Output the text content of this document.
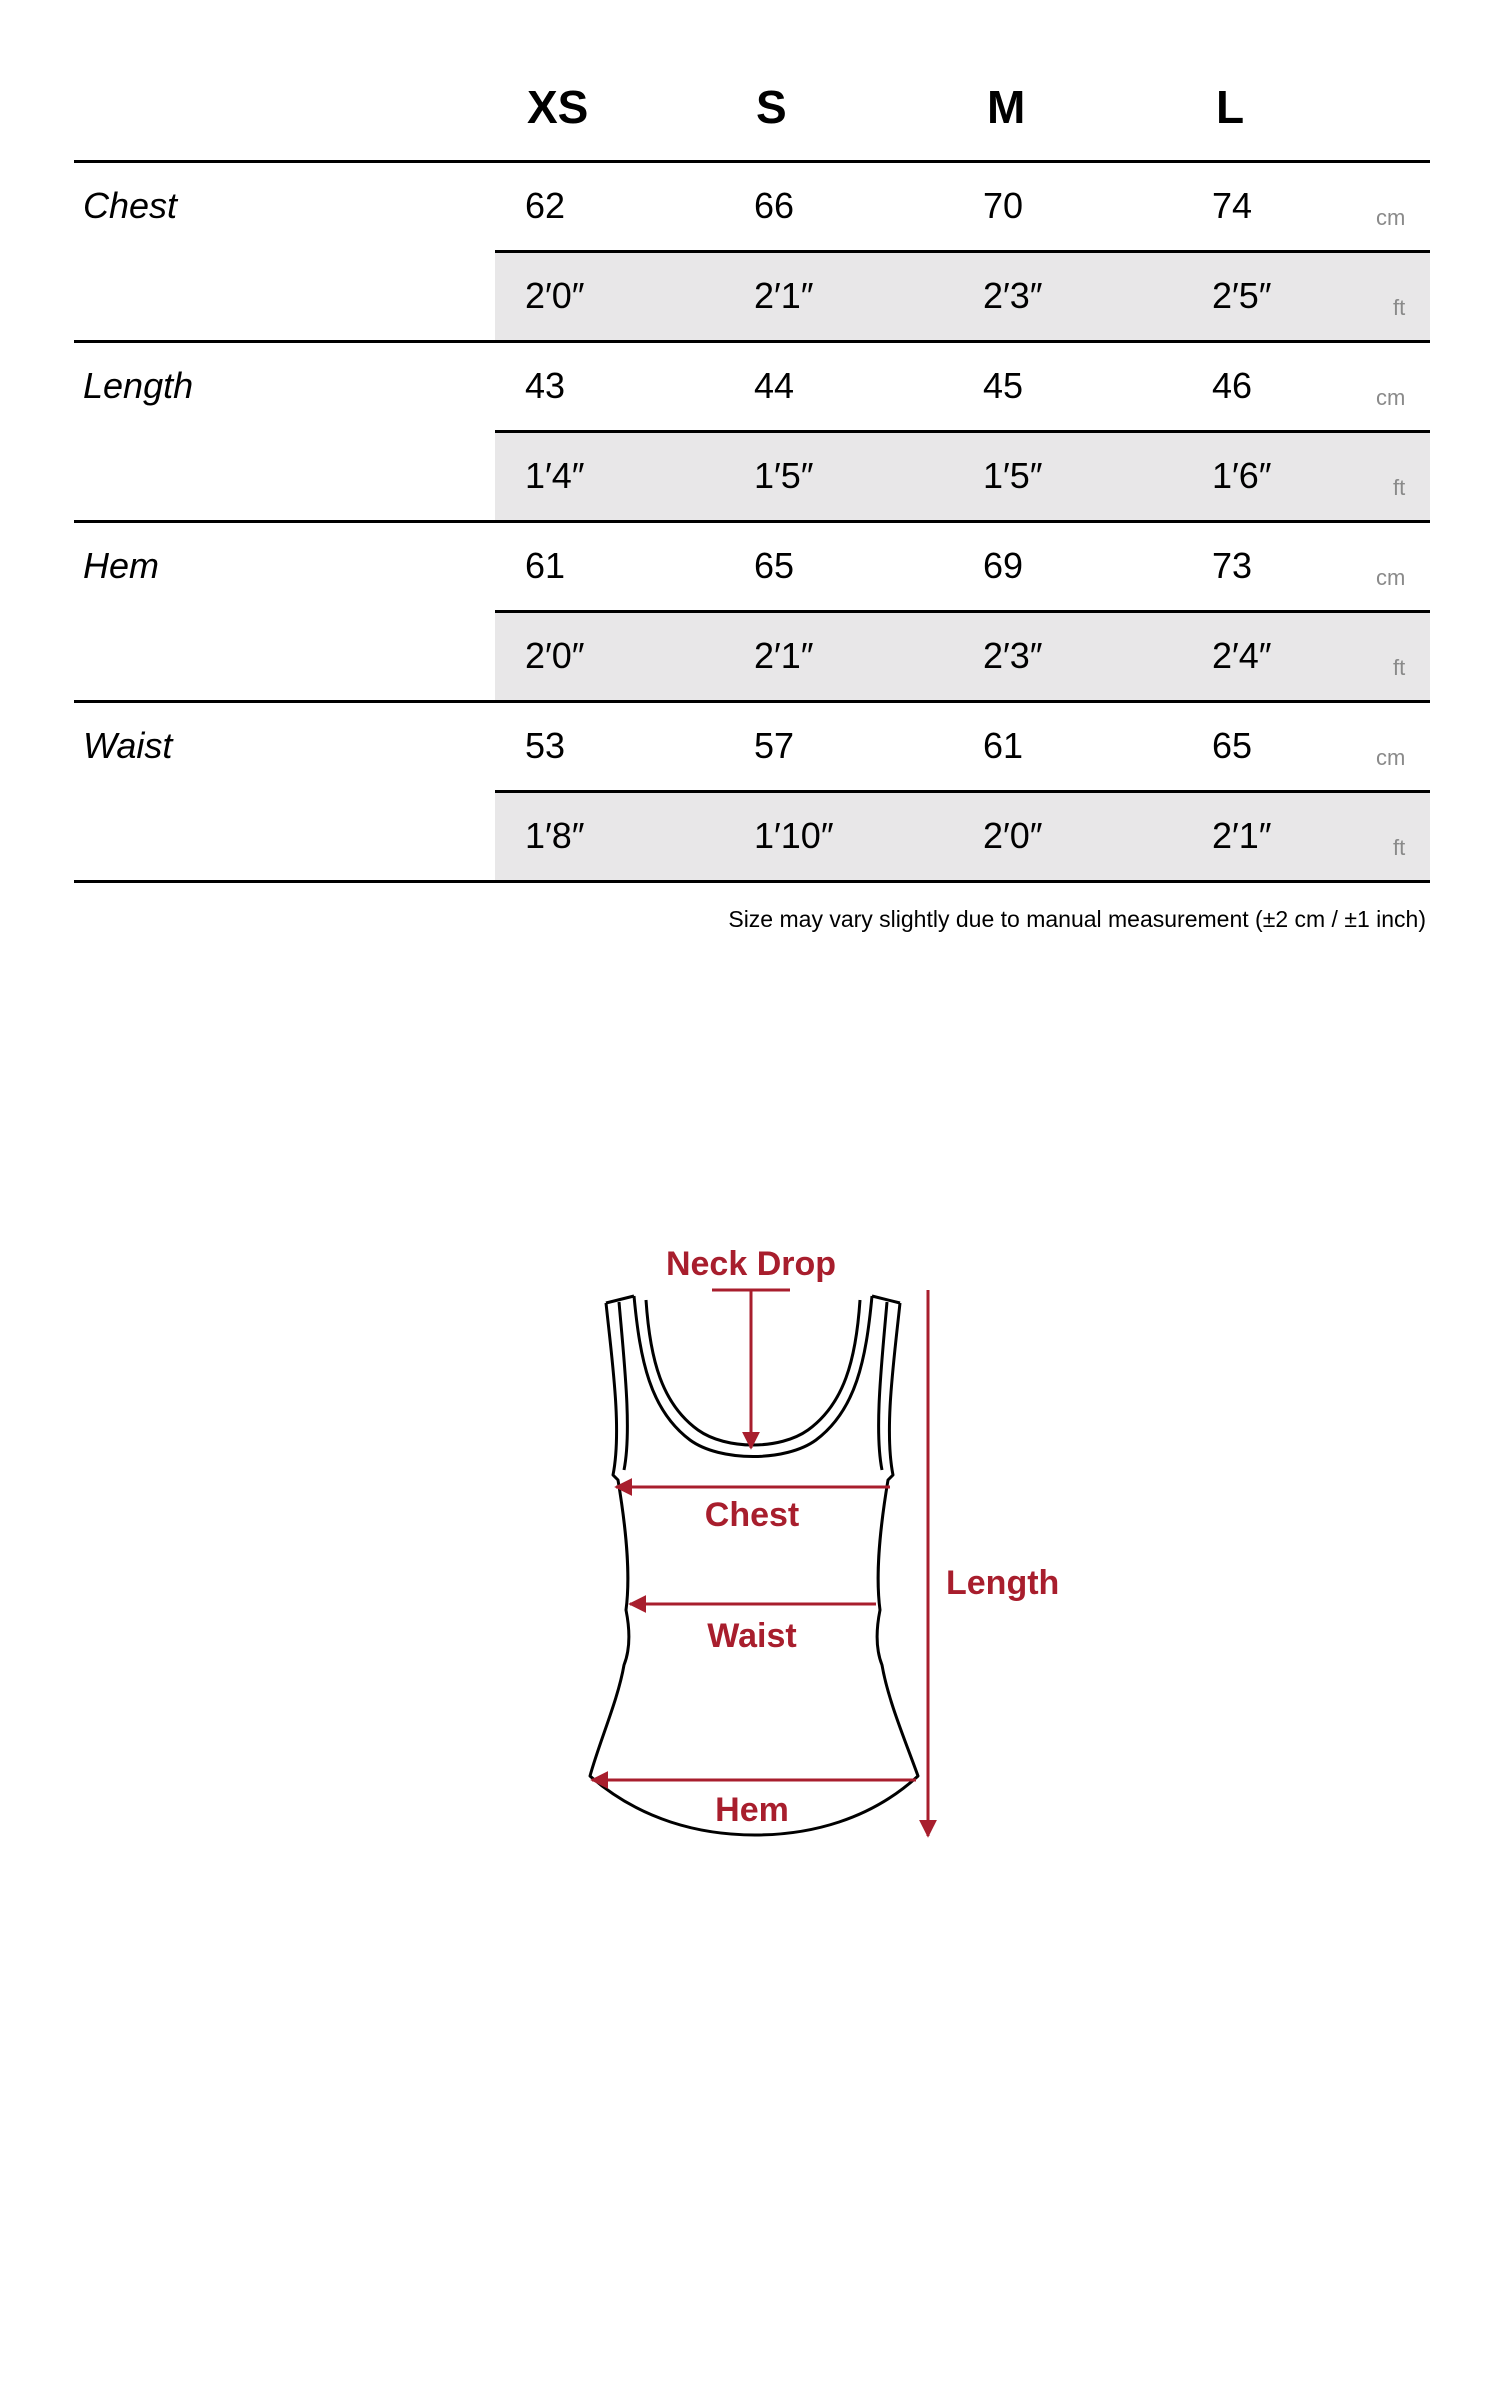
XS	S	M	L
Chest	62	66	70	74	cm
2′0″	2′1″	2′3″	2′5″	ft
Length	43	44	45	46	cm
1′4″	1′5″	1′5″	1′6″	ft
Hem	61	65	69	73	cm
2′0″	2′1″	2′3″	2′4″	ft
Waist	53	57	61	65	cm
1′8″	1′10″	2′0″	2′1″	ft
Size may vary slightly due to manual measurement (±2 cm / ±1 inch)
Neck Drop
Chest
Waist
Hem
Length
